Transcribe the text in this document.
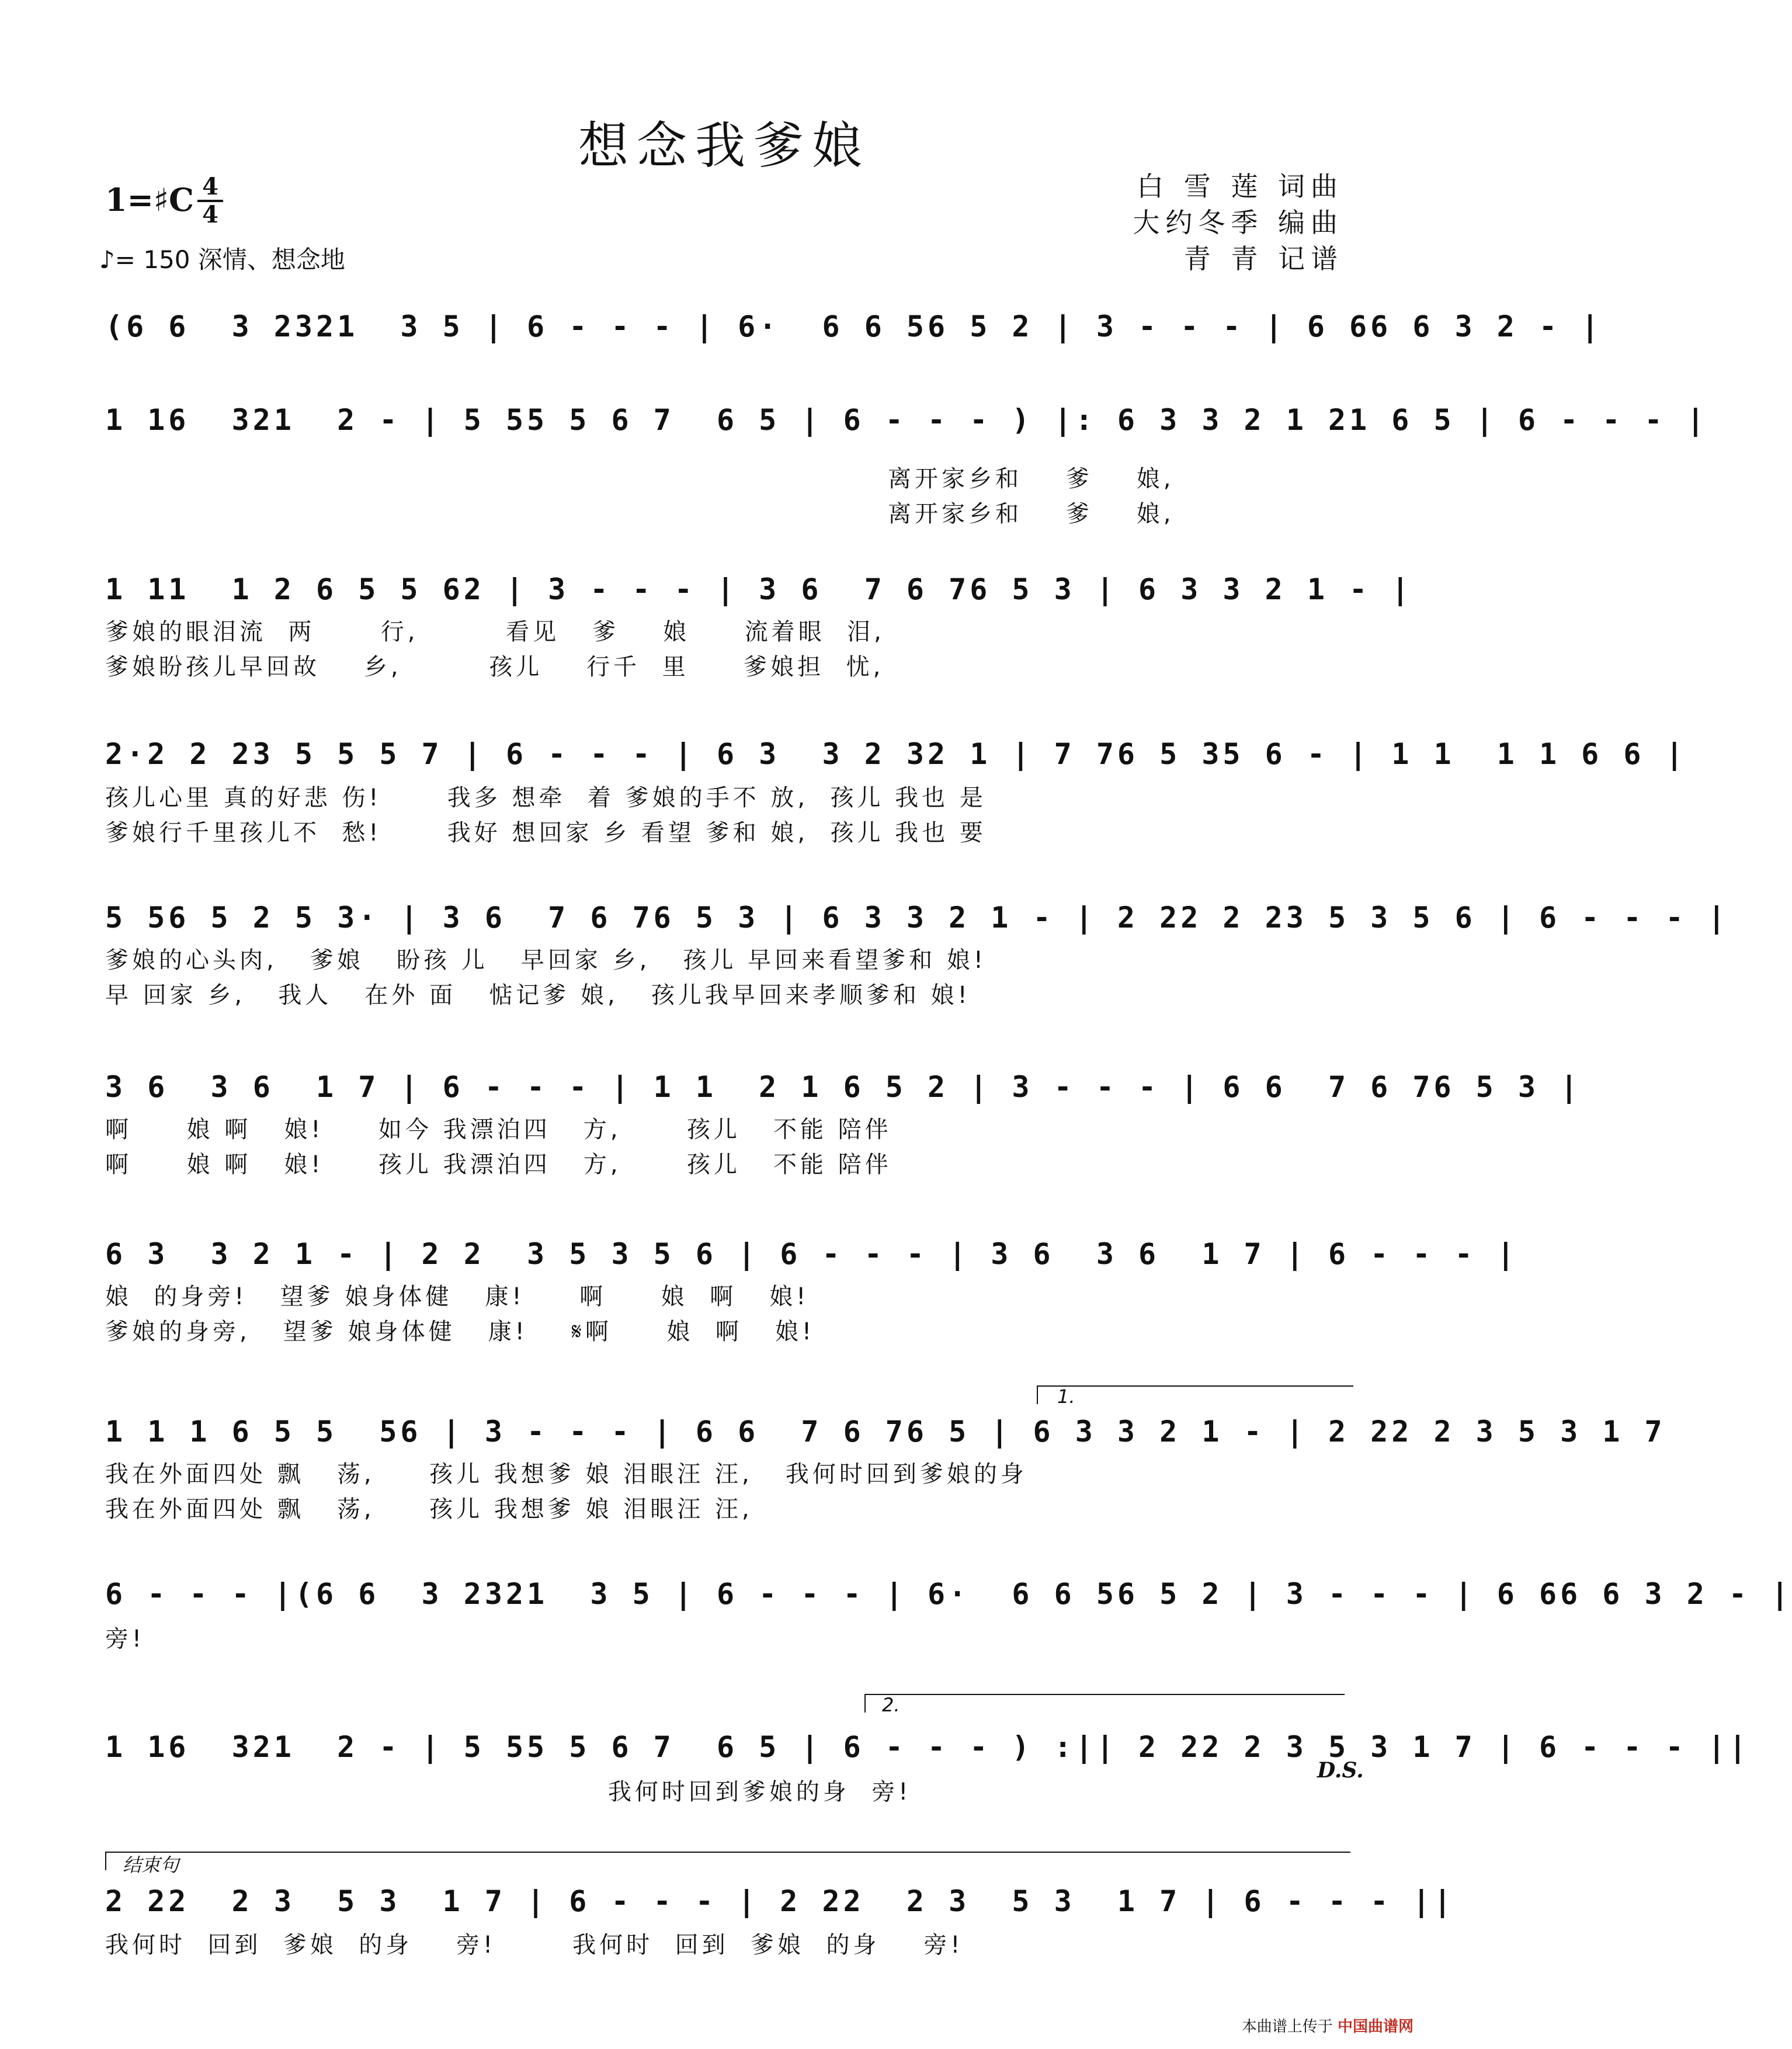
想念我爹娘
1=♯C 4
4
♪= 150 深情、想念地
白 雪 莲 词曲
大约冬季 编曲
青 青 记谱
(6 6  3 2321  3 5 | 6 - - - | 6·  6 6 56 5 2 | 3 - - - | 6 66 6 3 2 - |
1 16  321  2 - | 5 55 5 6 7  6 5 | 6 - - - ) |: 6 3 3 2 1 21 6 5 | 6 - - - |
离开家乡和    爹    娘,
离开家乡和    爹    娘,
1 11  1 2 6 5 5 62 | 3 - - - | 3 6  7 6 76 5 3 | 6 3 3 2 1 - |
爹娘的眼泪流  两      行,        看见   爹    娘     流着眼  泪,
爹娘盼孩儿早回故    乡,        孩儿    行千  里     爹娘担  忧,
2·2 2 23 5 5 5 7 | 6 - - - | 6 3  3 2 32 1 | 7 76 5 35 6 - | 1 1  1 1 6 6 |
孩儿心里 真的好悲 伤!      我多 想牵  着 爹娘的手不 放,  孩儿 我也 是
爹娘行千里孩儿不  愁!      我好 想回家 乡 看望 爹和 娘,  孩儿 我也 要
5 56 5 2 5 3· | 3 6  7 6 76 5 3 | 6 3 3 2 1 - | 2 22 2 23 5 3 5 6 | 6 - - - |
爹娘的心头肉,   爹娘   盼孩 儿   早回家 乡,   孩儿 早回来看望爹和 娘!
早 回家 乡,   我人   在外 面   惦记爹 娘,   孩儿我早回来孝顺爹和 娘!
3 6  3 6  1 7 | 6 - - - | 1 1  2 1 6 5 2 | 3 - - - | 6 6  7 6 76 5 3 |
啊     娘 啊   娘!     如今 我漂泊四   方,      孩儿   不能 陪伴
啊     娘 啊   娘!     孩儿 我漂泊四   方,      孩儿   不能 陪伴
6 3  3 2 1 - | 2 2  3 5 3 5 6 | 6 - - - | 3 6  3 6  1 7 | 6 - - - |
娘  的身旁!   望爹 娘身体健   康!     啊     娘  啊   娘!
爹娘的身旁,   望爹 娘身体健   康!    𝄋啊     娘  啊   娘!
1.
1 1 1 6 5 5  56 | 3 - - - | 6 6  7 6 76 5 | 6 3 3 2 1 - | 2 22 2 3 5 3 1 7
我在外面四处 飘   荡,     孩儿 我想爹 娘 泪眼汪 汪,   我何时回到爹娘的身
我在外面四处 飘   荡,     孩儿 我想爹 娘 泪眼汪 汪,
6 - - - |(6 6  3 2321  3 5 | 6 - - - | 6·  6 6 56 5 2 | 3 - - - | 6 66 6 3 2 - |
旁!
2.
1 16  321  2 - | 5 55 5 6 7  6 5 | 6 - - - ) :|| 2 22 2 3 5 3 1 7 | 6 - - - ||
我何时回到爹娘的身  旁!
D.S.
结束句
2 22  2 3  5 3  1 7 | 6 - - - | 2 22  2 3  5 3  1 7 | 6 - - - ||
我何时  回到  爹娘  的身    旁!       我何时  回到  爹娘  的身    旁!
本曲谱上传于 中国曲谱网
